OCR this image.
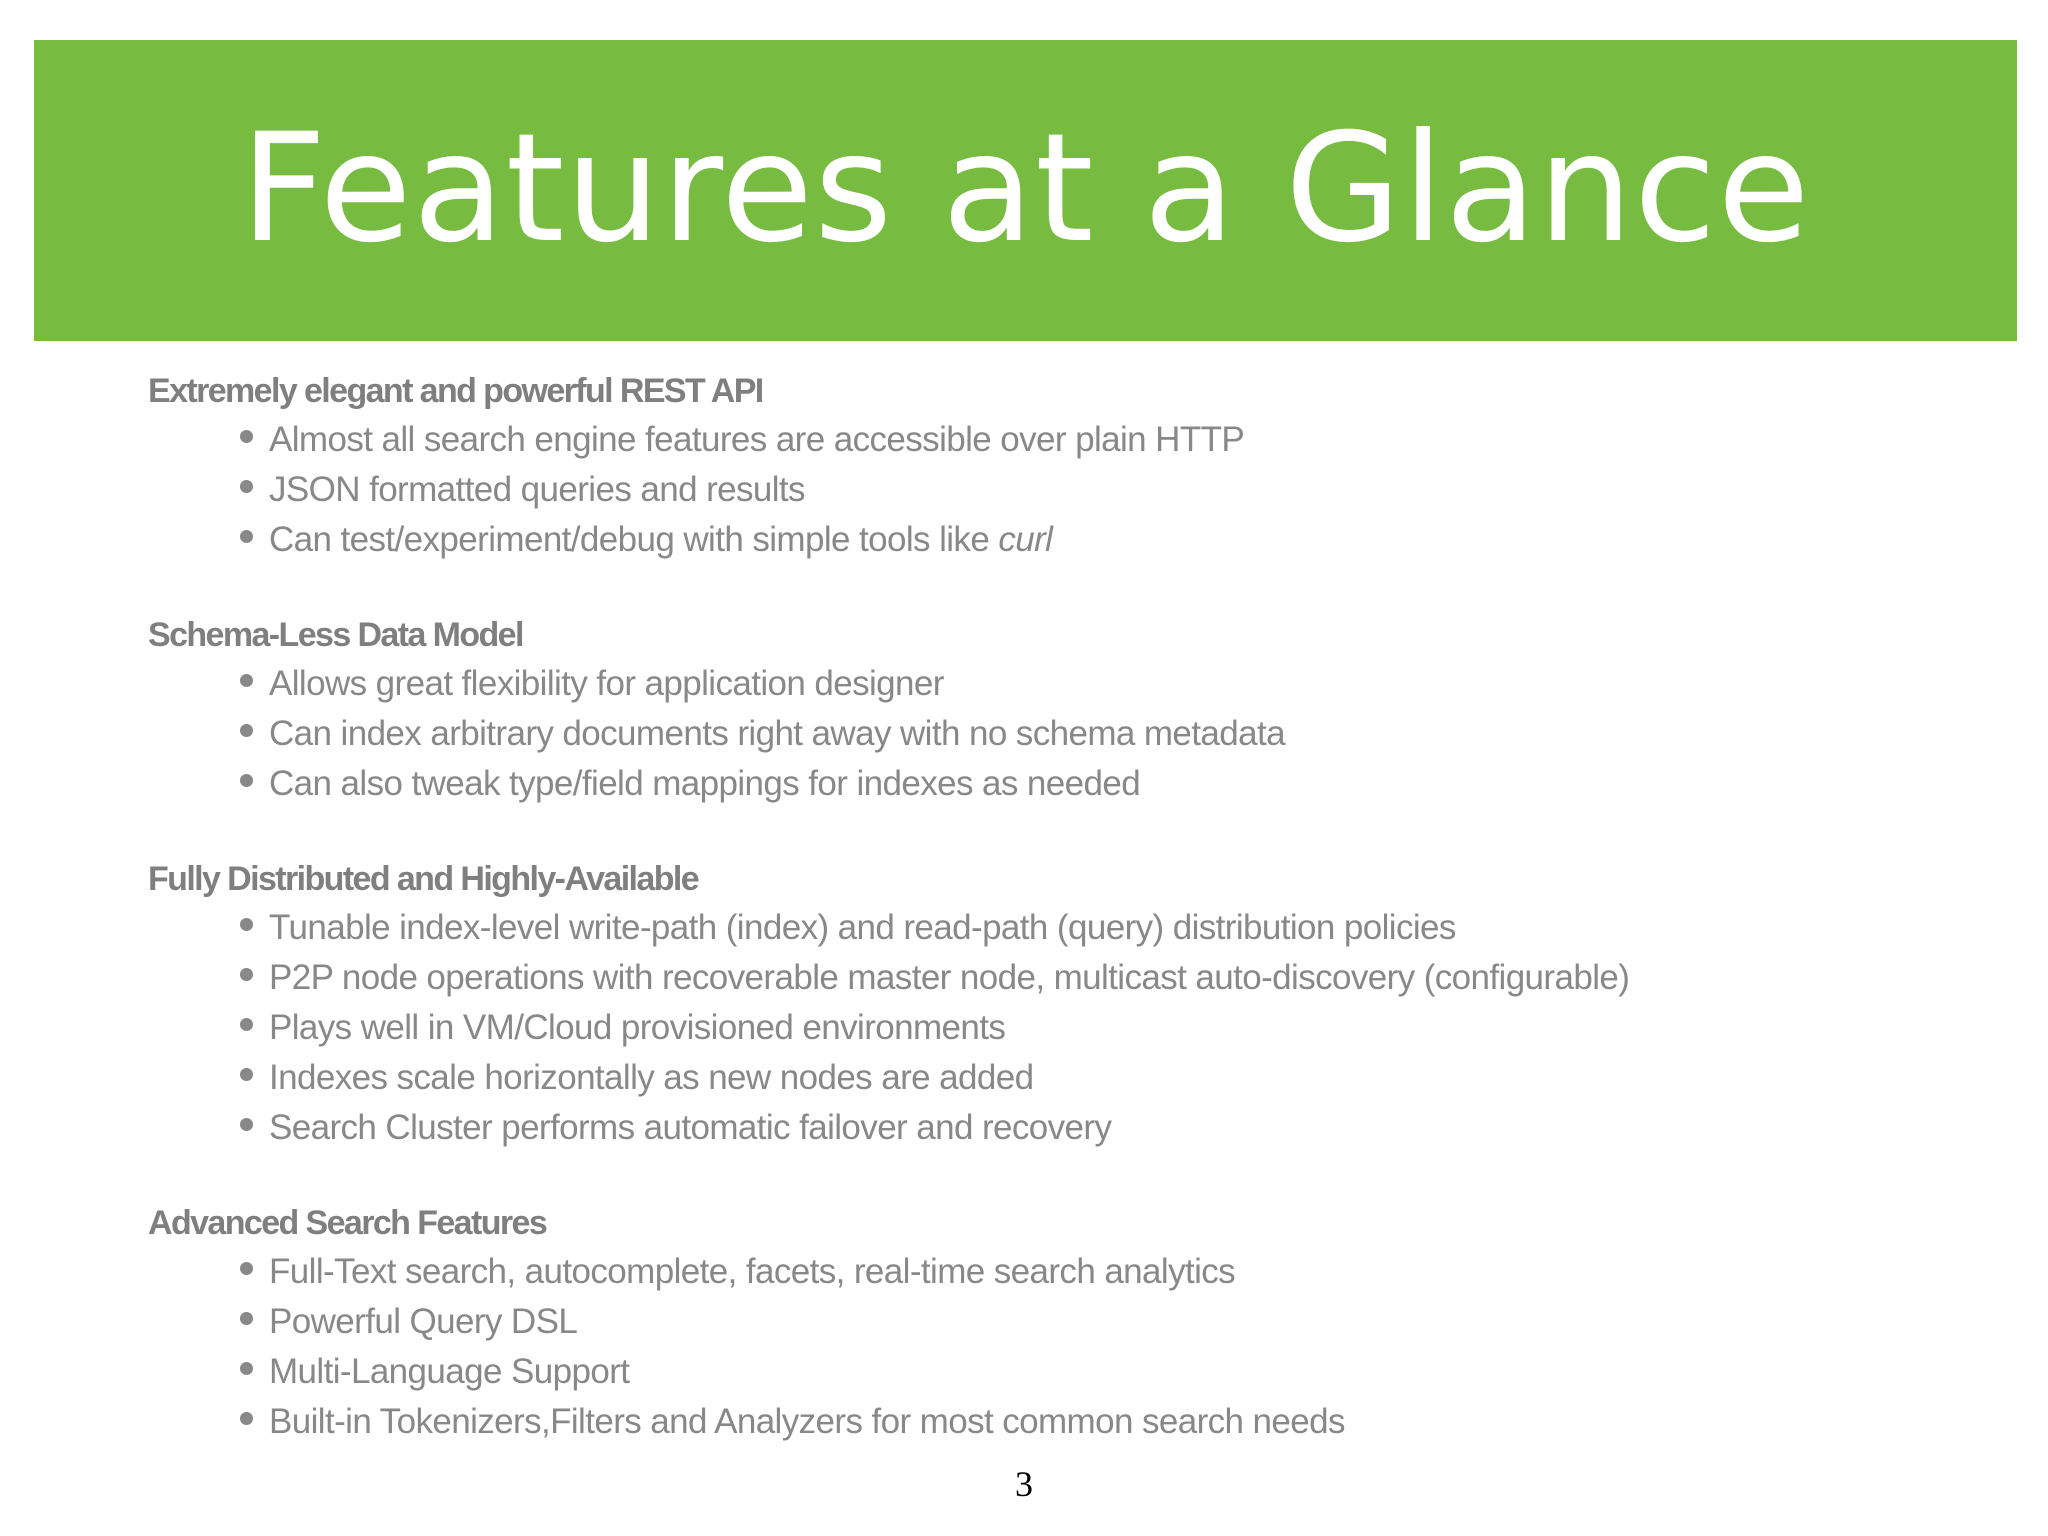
Features at a Glance
Extremely elegant and powerful REST API
Almost all search engine features are accessible over plain HTTP
JSON formatted queries and results
Can test/experiment/debug with simple tools like curl
Schema-Less Data Model
Allows great flexibility for application designer
Can index arbitrary documents right away with no schema metadata
Can also tweak type/field mappings for indexes as needed
Fully Distributed and Highly-Available
Tunable index-level write-path (index) and read-path (query) distribution policies
P2P node operations with recoverable master node, multicast auto-discovery (configurable)
Plays well in VM/Cloud provisioned environments
Indexes scale horizontally as new nodes are added
Search Cluster performs automatic failover and recovery
Advanced Search Features
Full-Text search, autocomplete, facets, real-time search analytics
Powerful Query DSL
Multi-Language Support
Built-in Tokenizers,Filters and Analyzers for most common search needs
3
